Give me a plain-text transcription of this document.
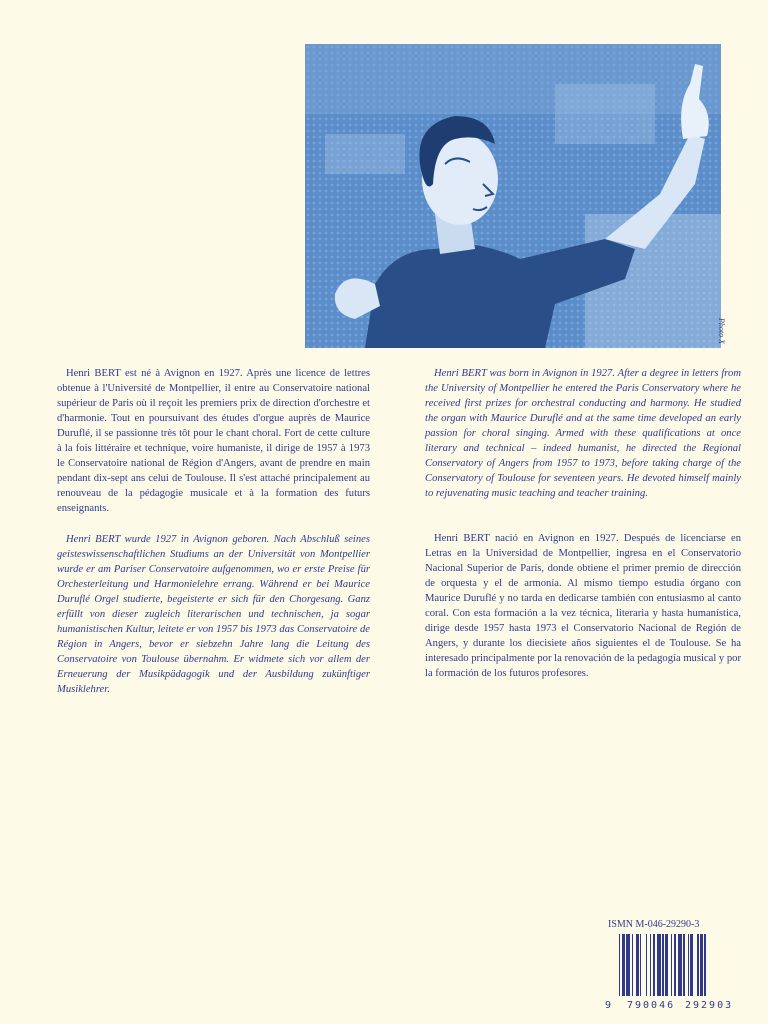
Photo X

Henri BERT est né à Avignon en 1927. Après une licence de lettres obtenue à l'Université de Montpellier, il entre au Conservatoire national supérieur de Paris où il reçoit les premiers prix de direction d'orchestre et d'harmonie. Tout en poursuivant des études d'orgue auprès de Maurice Duruflé, il se passionne très tôt pour le chant choral. Fort de cette culture à la fois littéraire et technique, voire humaniste, il dirige de 1957 à 1973 le Conservatoire national de Région d'Angers, avant de prendre en main pendant dix-sept ans celui de Toulouse. Il s'est attaché principalement au renouveau de la pédagogie musicale et à la formation des futurs enseignants.

Henri BERT wurde 1927 in Avignon geboren. Nach Abschluß seines geisteswissenschaftlichen Studiums an der Universität von Montpellier wurde er am Pariser Conservatoire aufgenommen, wo er erste Preise für Orchesterleitung und Harmonielehre errang. Während er bei Maurice Duruflé Orgel studierte, begeisterte er sich für den Chorgesang. Ganz erfüllt von dieser zugleich literarischen und technischen, ja sogar humanistischen Kultur, leitete er von 1957 bis 1973 das Conservatoire de Région in Angers, bevor er siebzehn Jahre lang die Leitung des Conservatoire von Toulouse übernahm. Er widmete sich vor allem der Erneuerung der Musikpädagogik und der Ausbildung zukünftiger Musiklehrer.

Henri BERT was born in Avignon in 1927. After a degree in letters from the University of Montpellier he entered the Paris Conservatory where he received first prizes for orchestral conducting and harmony. He studied the organ with Maurice Duruflé and at the same time developed an early passion for choral singing. Armed with these qualifications at once literary and technical – indeed humanist, he directed the Regional Conservatory of Angers from 1957 to 1973, before taking charge of the Conservatory of Toulouse for seventeen years. He devoted himself mainly to rejuvenating music teaching and teacher training.

Henri BERT nació en Avignon en 1927. Después de licenciarse en Letras en la Universidad de Montpellier, ingresa en el Conservatorio Nacional Superior de París, donde obtiene el primer premio de dirección de orquesta y el de armonía. Al mismo tiempo estudia órgano con Maurice Duruflé y no tarda en dedicarse también con entusiasmo al canto coral. Con esta formación a la vez técnica, literaria y hasta humanística, dirige desde 1957 hasta 1973 el Conservatorio Nacional de Región de Angers, y durante los diecisiete años siguientes el de Toulouse. Se ha interesado principalmente por la renovación de la pedagogía musical y por la formación de los futuros profesores.

ISMN M-046-29290-3
9 790046 292903
